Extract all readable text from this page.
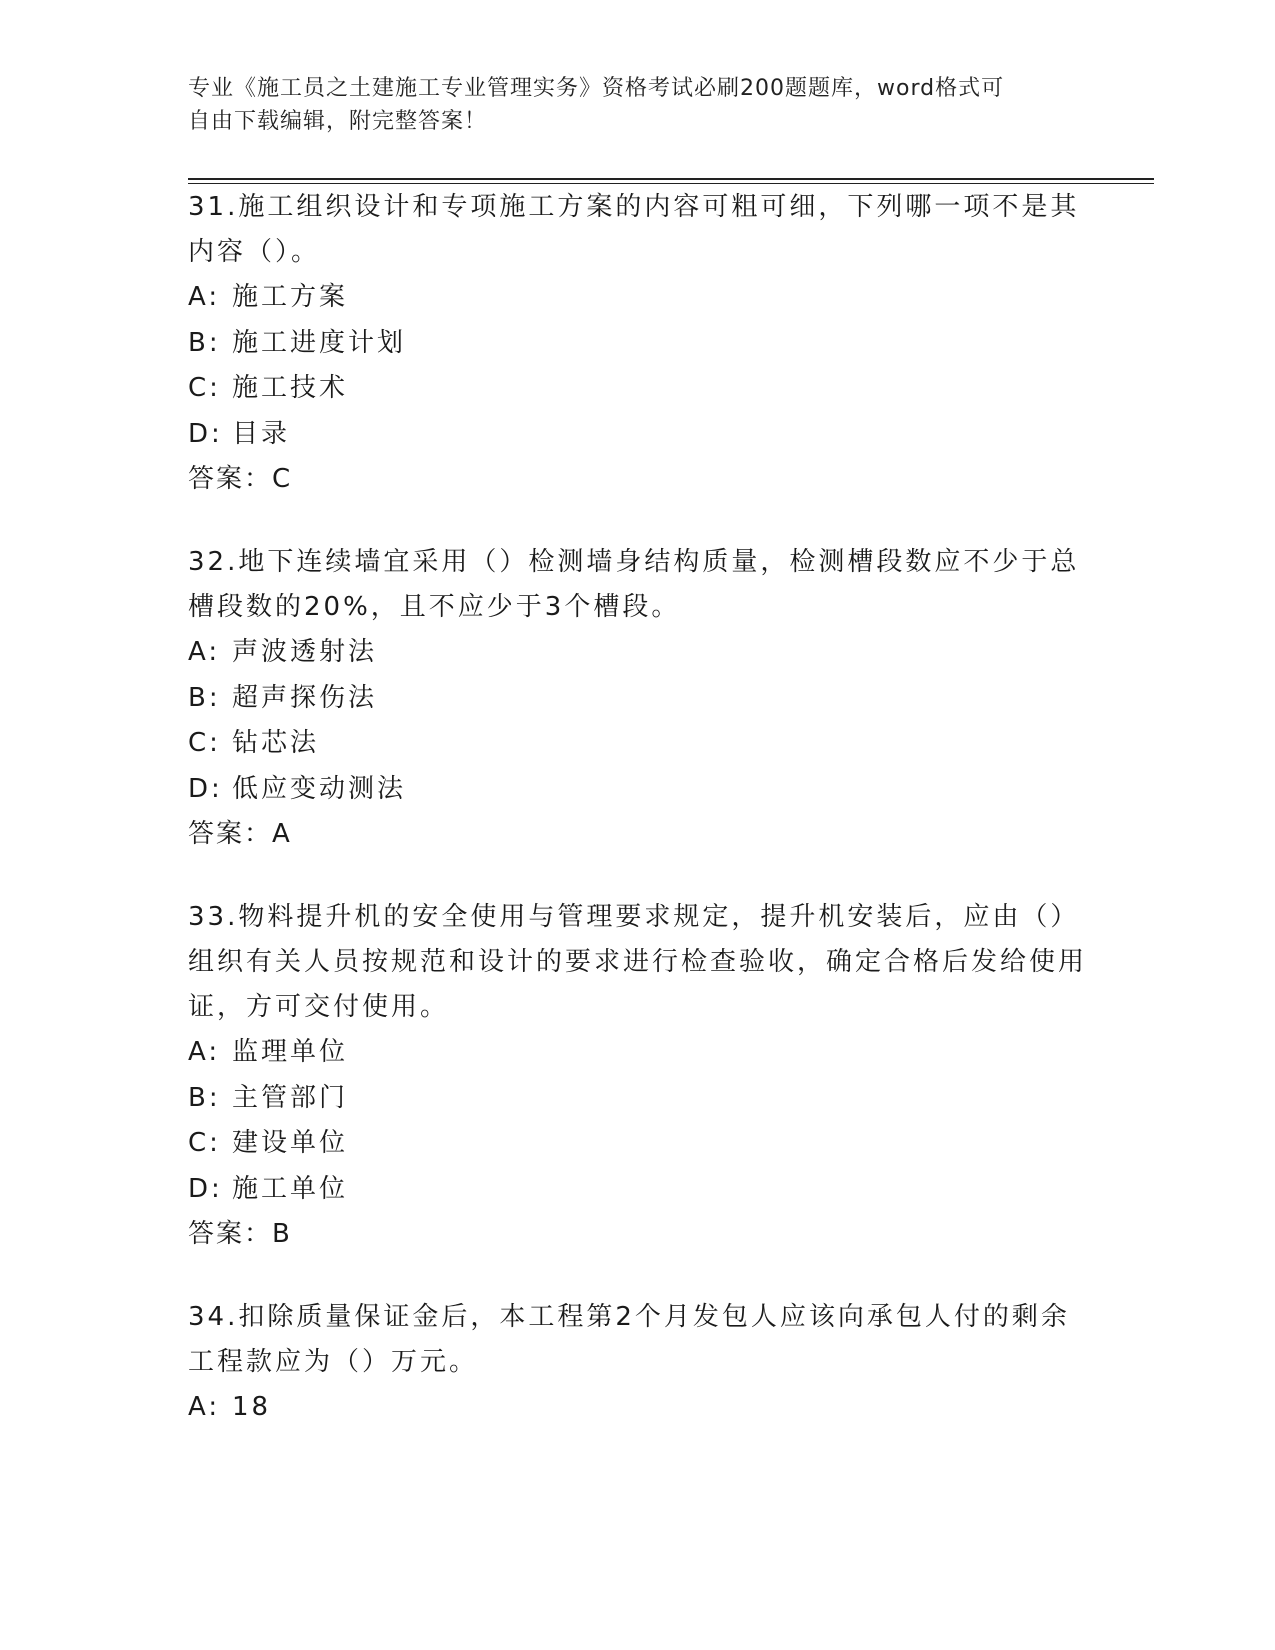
专业《施工员之土建施工专业管理实务》资格考试必刷200题题库，word格式可
自由下载编辑，附完整答案！

31.施工组织设计和专项施工方案的内容可粗可细，下列哪一项不是其内容（）。

A: 施工方案
B: 施工进度计划
C: 施工技术
D: 目录

答案：C

32.地下连续墙宜采用（）检测墙身结构质量，检测槽段数应不少于总槽段数的20%，且不应少于3个槽段。

A: 声波透射法
B: 超声探伤法
C: 钻芯法
D: 低应变动测法

答案：A

33.物料提升机的安全使用与管理要求规定，提升机安装后，应由（）组织有关人员按规范和设计的要求进行检查验收，确定合格后发给使用证，方可交付使用。

A: 监理单位
B: 主管部门
C: 建设单位
D: 施工单位

答案：B

34.扣除质量保证金后，本工程第2个月发包人应该向承包人付的剩余工程款应为（）万元。

A: 18
